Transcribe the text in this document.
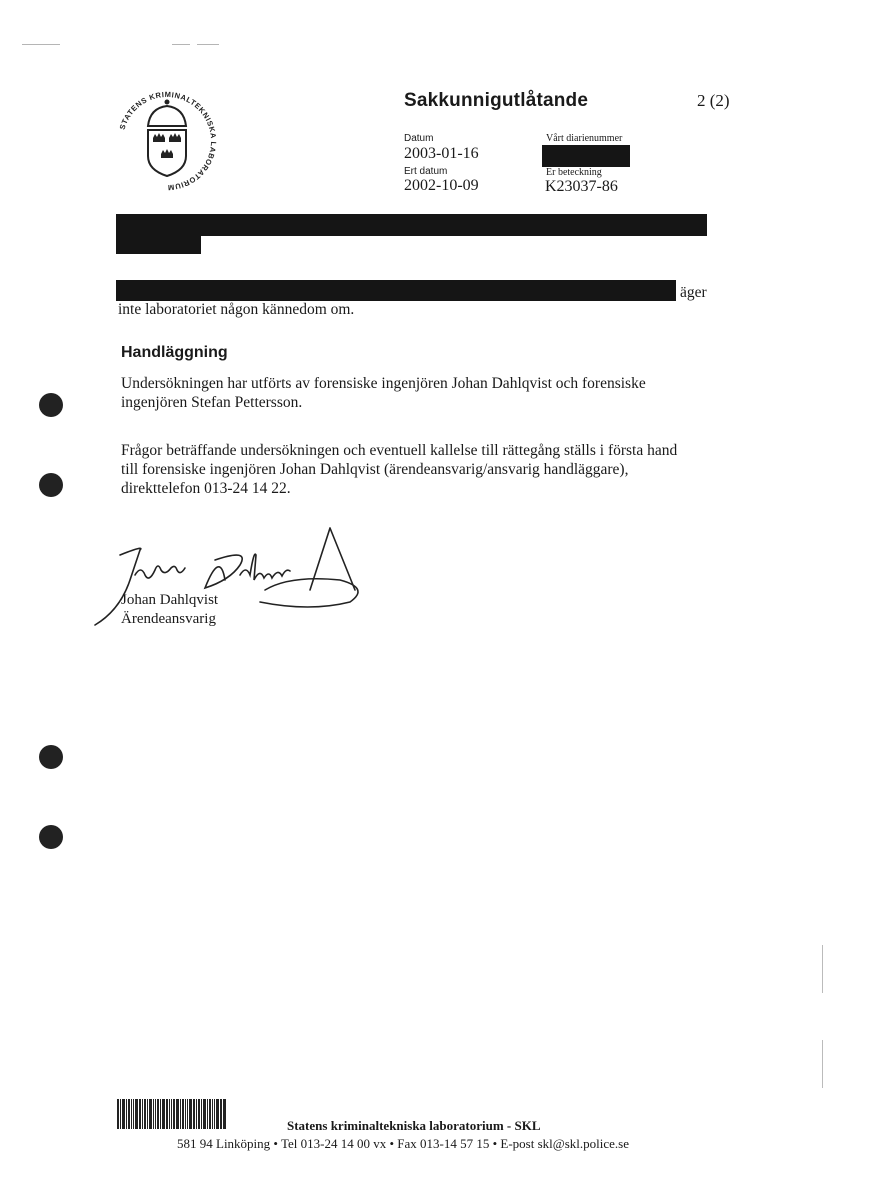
STATENS KRIMINALTEKNISKA LABORATORIUM
Sakkunnigutlåtande	2 (2)
Datum
2003-01-16
Ert datum
2002-10-09
Vårt diarienummer
Er beteckning
K23037-86
äger
inte laboratoriet någon kännedom om.
Handläggning
Undersökningen har utförts av forensiske ingenjören Johan Dahlqvist och forensiske
ingenjören Stefan Pettersson.
Frågor beträffande undersökningen och eventuell kallelse till rättegång ställs i första hand
till forensiske ingenjören Johan Dahlqvist (ärendeansvarig/ansvarig handläggare),
direkttelefon 013-24 14 22.
Johan Dahlqvist
Ärendeansvarig
Statens kriminaltekniska laboratorium - SKL
581 94 Linköping • Tel 013-24 14 00 vx • Fax 013-14 57 15 • E-post skl@skl.police.se
